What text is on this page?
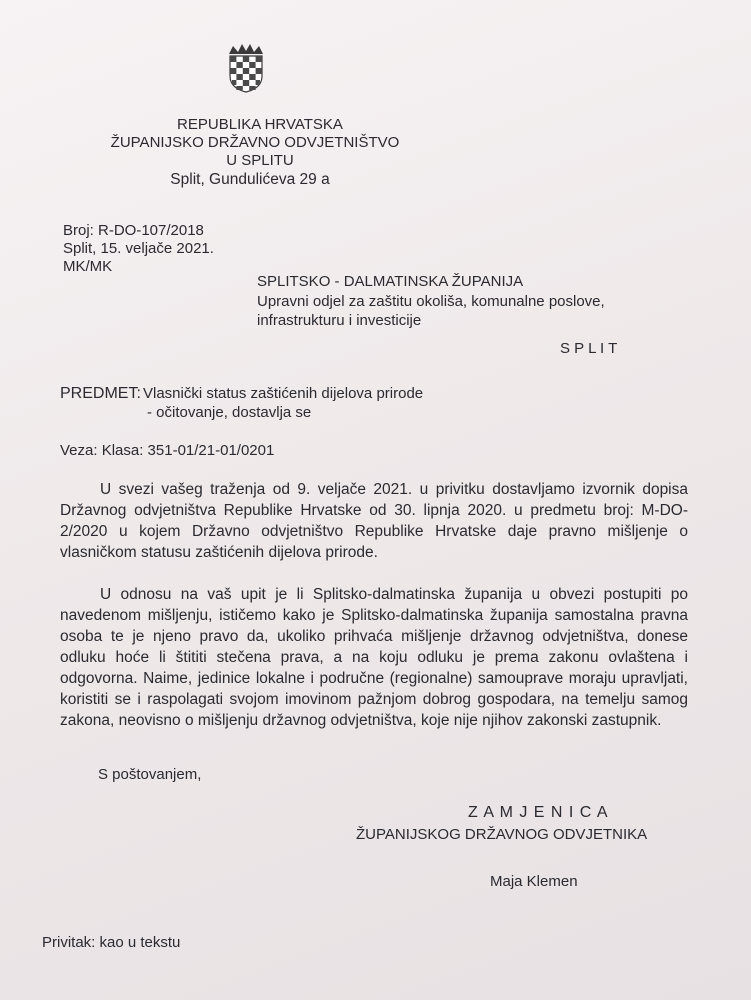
REPUBLIKA HRVATSKA
ŽUPANIJSKO DRŽAVNO ODVJETNIŠTVO
U SPLITU
Split, Gundulićeva 29 a
Broj: R-DO-107/2018
Split, 15. veljače 2021.
MK/MK
SPLITSKO - DALMATINSKA ŽUPANIJA
Upravni odjel za zaštitu okoliša, komunalne poslove,
infrastrukturu i investicije
S P L I T
PREDMET: Vlasnički status zaštićenih dijelova prirode
- očitovanje, dostavlja se
Veza: Klasa: 351-01/21-01/0201
U svezi vašeg traženja od 9. veljače 2021. u privitku dostavljamo izvornik dopisa Državnog odvjetništva Republike Hrvatske od 30. lipnja 2020. u predmetu broj: M-DO-2/2020 u kojem Državno odvjetništvo Republike Hrvatske daje pravno mišljenje o vlasničkom statusu zaštićenih dijelova prirode.
U odnosu na vaš upit je li Splitsko-dalmatinska županija u obvezi postupiti po navedenom mišljenju, ističemo kako je Splitsko-dalmatinska županija samostalna pravna osoba te je njeno pravo da, ukoliko prihvaća mišljenje državnog odvjetništva, donese odluku hoće li štititi stečena prava, a na koju odluku je prema zakonu ovlaštena i odgovorna. Naime, jedinice lokalne i područne (regionalne) samouprave moraju upravljati, koristiti se i raspolagati svojom imovinom pažnjom dobrog gospodara, na temelju samog zakona, neovisno o mišljenju državnog odvjetništva, koje nije njihov zakonski zastupnik.
S poštovanjem,
Z A M J E N I C A
ŽUPANIJSKOG DRŽAVNOG ODVJETNIKA
Maja Klemen
Privitak: kao u tekstu
